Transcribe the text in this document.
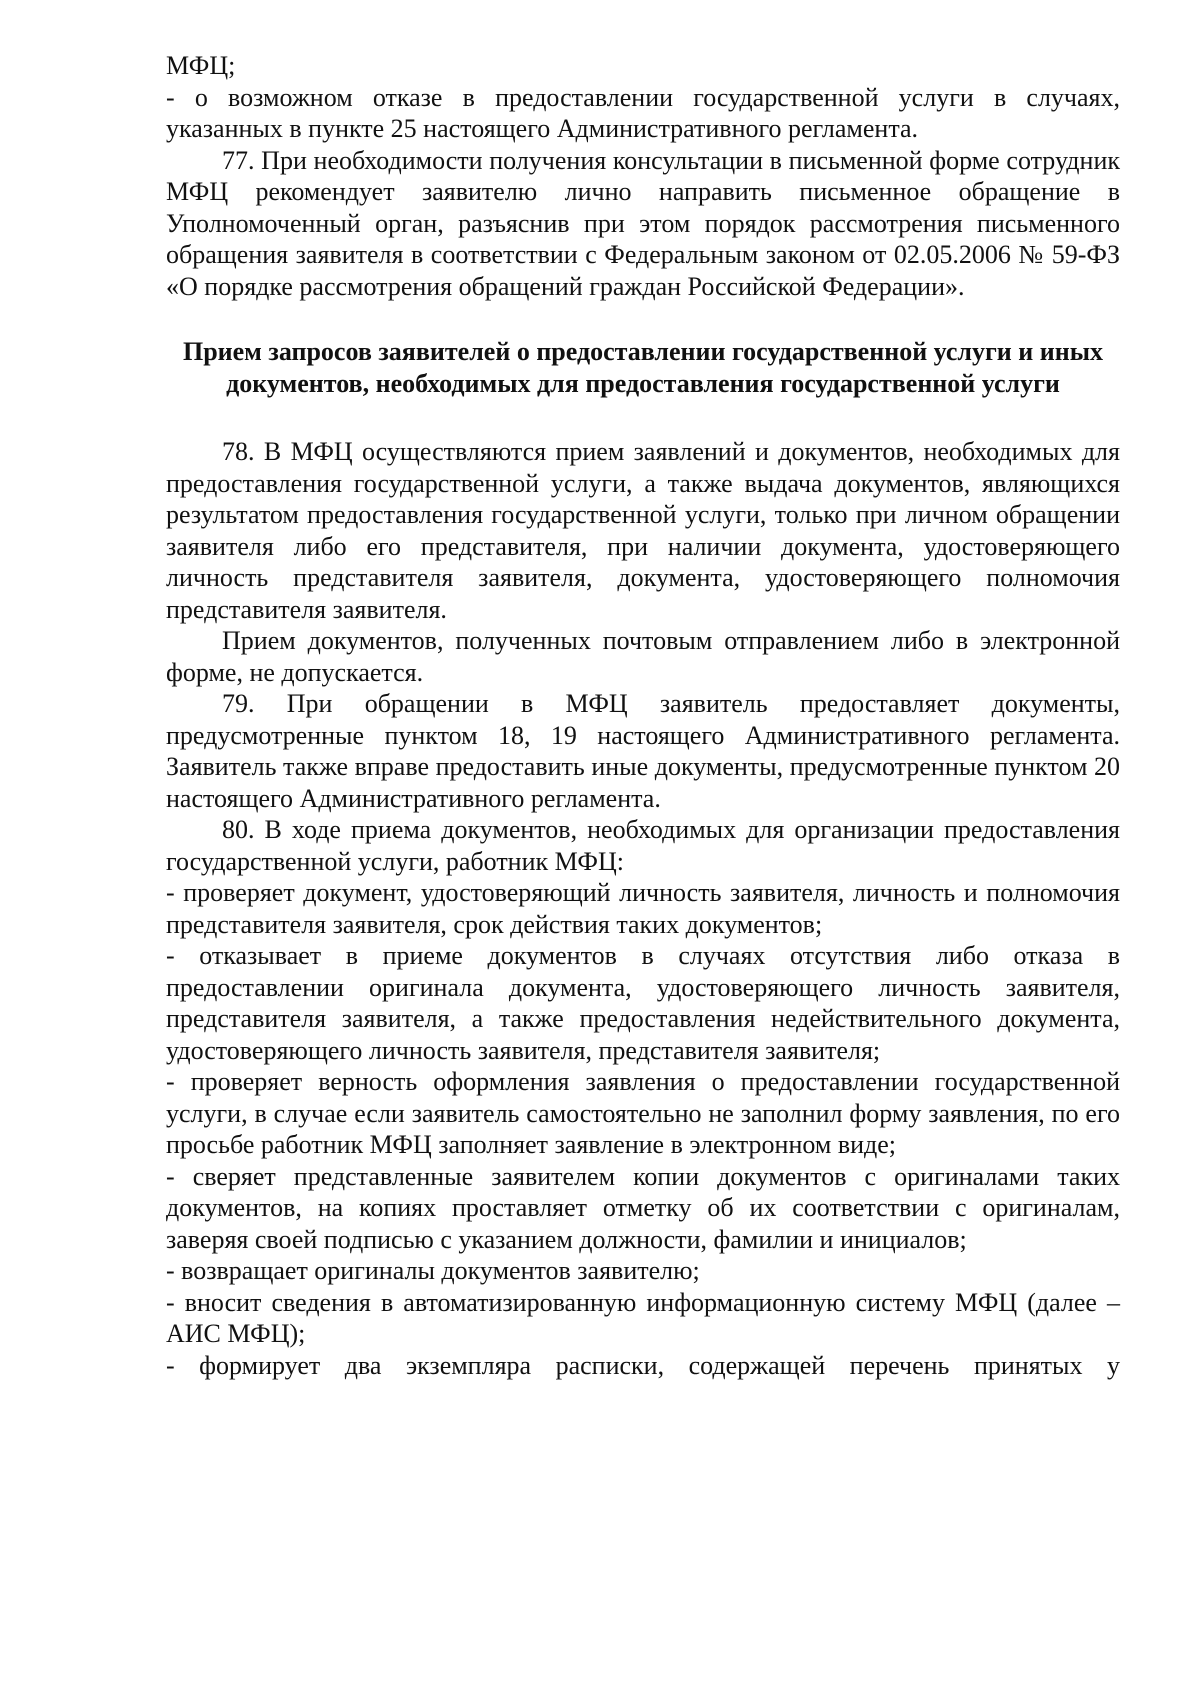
МФЦ;
- о возможном отказе в предоставлении государственной услуги в случаях, указанных в пункте 25 настоящего Административного регламента.
77. При необходимости получения консультации в письменной форме сотрудник МФЦ рекомендует заявителю лично направить письменное обращение в Уполномоченный орган, разъяснив при этом порядок рассмотрения письменного обращения заявителя в соответствии с Федеральным законом от 02.05.2006 № 59-ФЗ «О порядке рассмотрения обращений граждан Российской Федерации».
Прием запросов заявителей о предоставлении государственной услуги и иных документов, необходимых для предоставления государственной услуги
78. В МФЦ осуществляются прием заявлений и документов, необходимых для предоставления государственной услуги, а также выдача документов, являющихся результатом предоставления государственной услуги, только при личном обращении заявителя либо его представителя, при наличии документа, удостоверяющего личность представителя заявителя, документа, удостоверяющего полномочия представителя заявителя.
Прием документов, полученных почтовым отправлением либо в электронной форме, не допускается.
79. При обращении в МФЦ заявитель предоставляет документы, предусмотренные пунктом 18, 19 настоящего Административного регламента. Заявитель также вправе предоставить иные документы, предусмотренные пунктом 20 настоящего Административного регламента.
80. В ходе приема документов, необходимых для организации предоставления государственной услуги, работник МФЦ:
- проверяет документ, удостоверяющий личность заявителя, личность и полномочия представителя заявителя, срок действия таких документов;
- отказывает в приеме документов в случаях отсутствия либо отказа в предоставлении оригинала документа, удостоверяющего личность заявителя, представителя заявителя, а также предоставления недействительного документа, удостоверяющего личность заявителя, представителя заявителя;
- проверяет верность оформления заявления о предоставлении государственной услуги, в случае если заявитель самостоятельно не заполнил форму заявления, по его просьбе работник МФЦ заполняет заявление в электронном виде;
- сверяет представленные заявителем копии документов с оригиналами таких документов, на копиях проставляет отметку об их соответствии с оригиналам, заверяя своей подписью с указанием должности, фамилии и инициалов;
- возвращает оригиналы документов заявителю;
- вносит сведения в автоматизированную информационную систему МФЦ (далее – АИС МФЦ);
- формирует два экземпляра расписки, содержащей перечень принятых у
